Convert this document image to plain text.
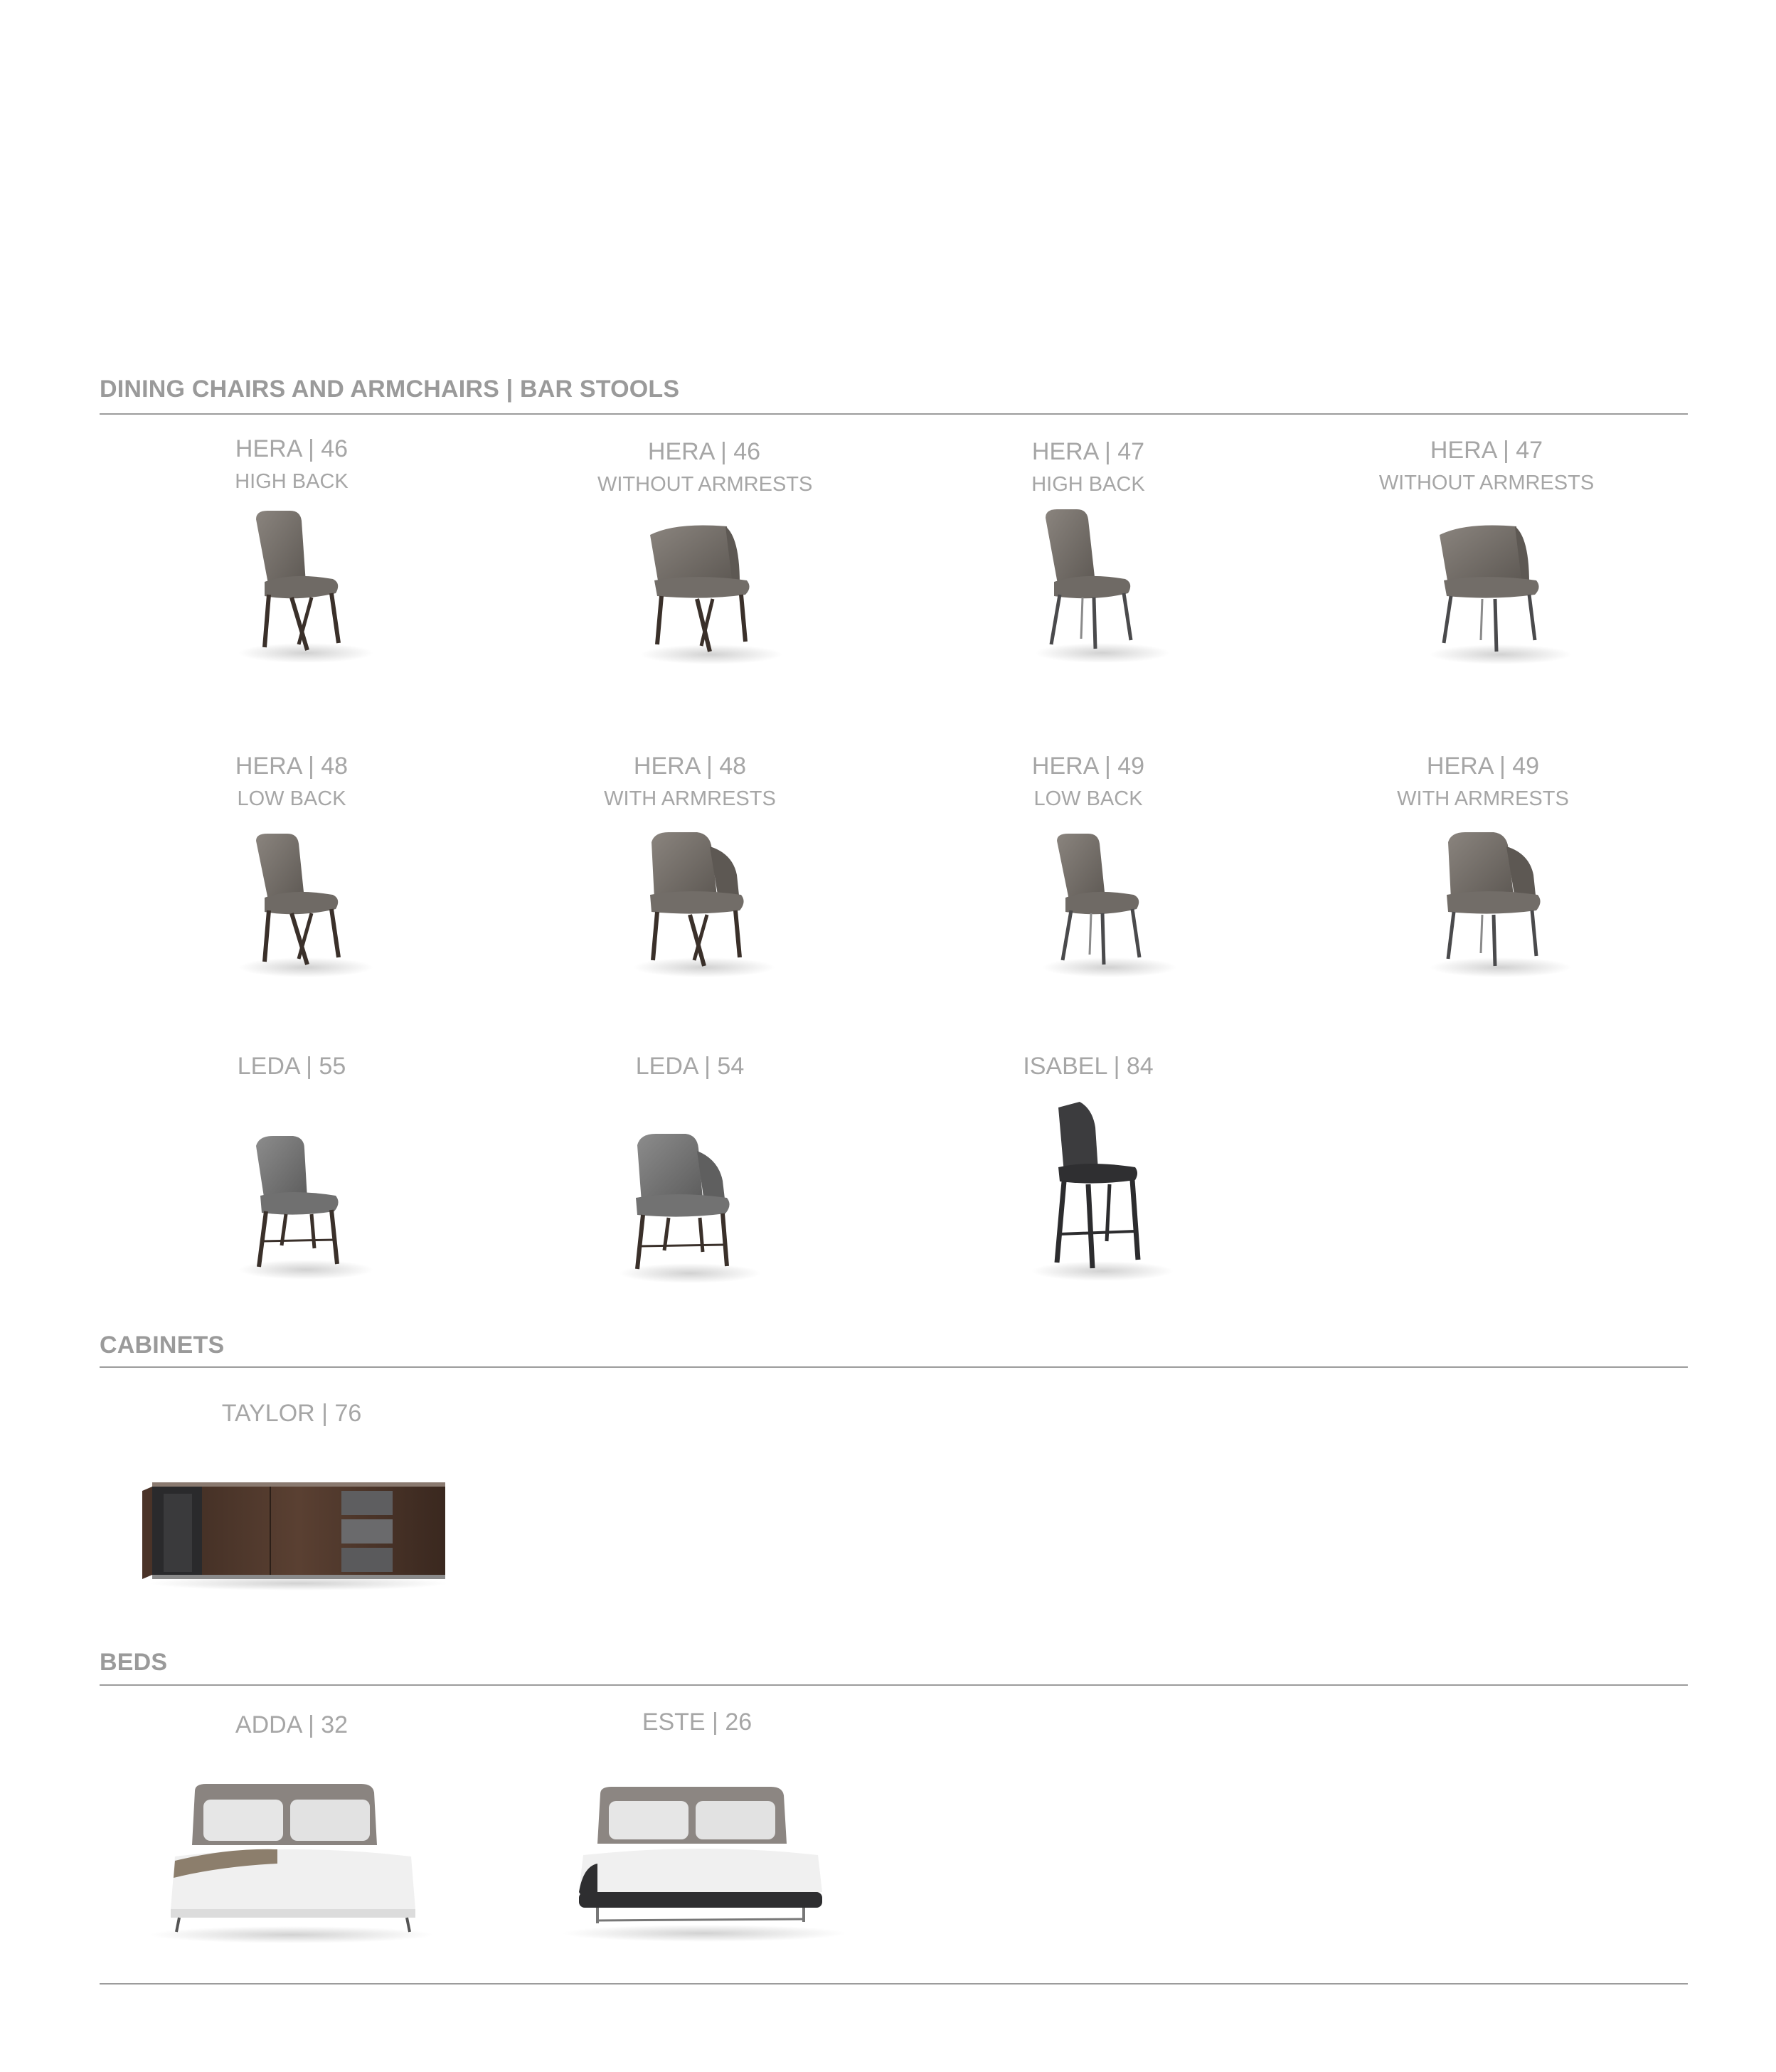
DINING CHAIRS AND ARMCHAIRS | BAR STOOLS
HERA | 46
HIGH BACK
HERA | 46
WITHOUT ARMRESTS
HERA | 47
HIGH BACK
HERA | 47
WITHOUT ARMRESTS
HERA | 48
LOW BACK
HERA | 48
WITH ARMRESTS
HERA | 49
LOW BACK
HERA | 49
WITH ARMRESTS
LEDA | 55	LEDA | 54	ISABEL | 84
CABINETS
TAYLOR | 76
BEDS
ADDA | 32	ESTE | 26
